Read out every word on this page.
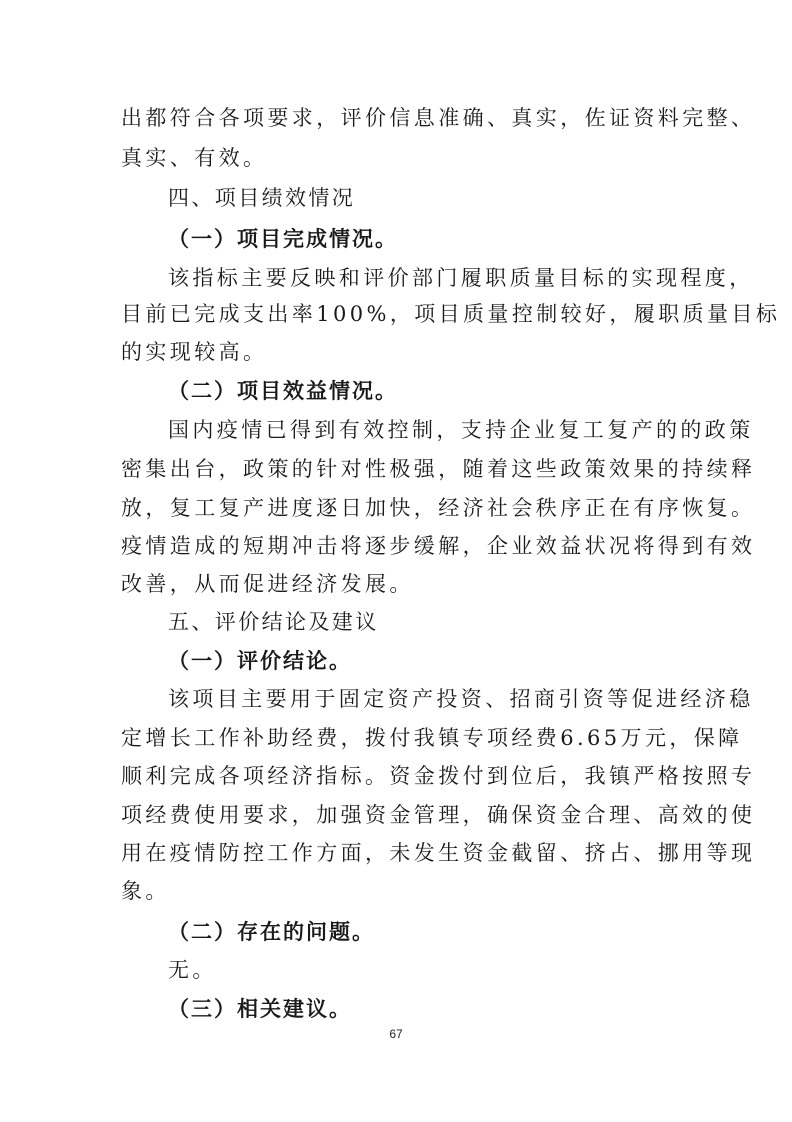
出都符合各项要求，评价信息准确、真实，佐证资料完整、
真实、有效。
四、项目绩效情况
（一）项目完成情况。
该指标主要反映和评价部门履职质量目标的实现程度，
目前已完成支出率100%，项目质量控制较好，履职质量目标
的实现较高。
（二）项目效益情况。
国内疫情已得到有效控制，支持企业复工复产的的政策
密集出台，政策的针对性极强，随着这些政策效果的持续释
放，复工复产进度逐日加快，经济社会秩序正在有序恢复。
疫情造成的短期冲击将逐步缓解，企业效益状况将得到有效
改善，从而促进经济发展。
五、评价结论及建议
（一）评价结论。
该项目主要用于固定资产投资、招商引资等促进经济稳
定增长工作补助经费，拨付我镇专项经费6.65万元，保障
顺利完成各项经济指标。资金拨付到位后，我镇严格按照专
项经费使用要求，加强资金管理，确保资金合理、高效的使
用在疫情防控工作方面，未发生资金截留、挤占、挪用等现
象。
（二）存在的问题。
无。
（三）相关建议。
67
